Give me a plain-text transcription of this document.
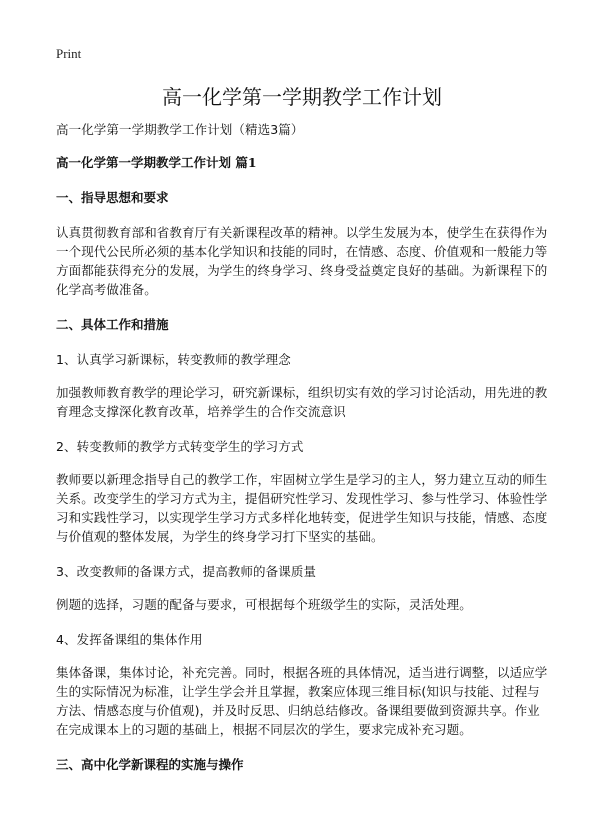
Print
高一化学第一学期教学工作计划

高一化学第一学期教学工作计划（精选3篇）

高一化学第一学期教学工作计划 篇1

一、指导思想和要求

认真贯彻教育部和省教育厅有关新课程改革的精神。以学生发展为本，使学生在获得作为一个现代公民所必须的基本化学知识和技能的同时，在情感、态度、价值观和一般能力等方面都能获得充分的发展，为学生的终身学习、终身受益奠定良好的基础。为新课程下的化学高考做准备。

二、具体工作和措施

1、认真学习新课标，转变教师的教学理念

加强教师教育教学的理论学习，研究新课标，组织切实有效的学习讨论活动，用先进的教育理念支撑深化教育改革，培养学生的合作交流意识

2、转变教师的教学方式转变学生的学习方式

教师要以新理念指导自己的教学工作，牢固树立学生是学习的主人，努力建立互动的师生关系。改变学生的学习方式为主，提倡研究性学习、发现性学习、参与性学习、体验性学习和实践性学习，以实现学生学习方式多样化地转变，促进学生知识与技能，情感、态度与价值观的整体发展，为学生的终身学习打下坚实的基础。

3、改变教师的备课方式，提高教师的备课质量

例题的选择，习题的配备与要求，可根据每个班级学生的实际，灵活处理。

4、发挥备课组的集体作用

集体备课，集体讨论，补充完善。同时，根据各班的具体情况，适当进行调整，以适应学生的实际情况为标准，让学生学会并且掌握，教案应体现三维目标(知识与技能、过程与方法、情感态度与价值观)，并及时反思、归纳总结修改。备课组要做到资源共享。作业在完成课本上的习题的基础上，根据不同层次的学生，要求完成补充习题。

三、高中化学新课程的实施与操作
